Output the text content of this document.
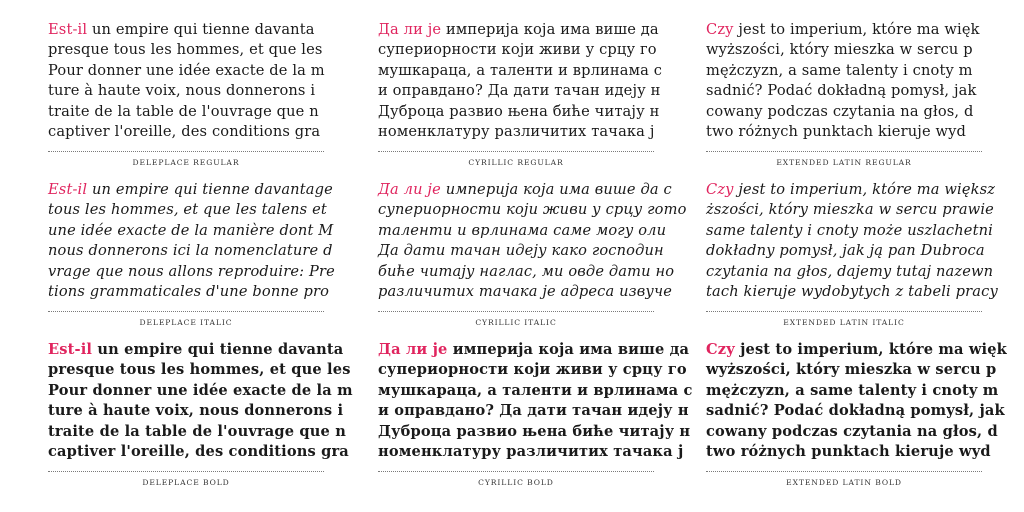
Est-il un empire qui tienne davanta
presque tous les hommes, et que les
Pour donner une idée exacte de la m
ture à haute voix, nous donnerons i
traite de la table de l'ouvrage que n
captiver l'oreille, des conditions gra
DELEPLACE REGULAR
Да ли је империја која има више да
супериорности који живи у срцу го
мушкараца, а таленти и врлинама с
и оправдано? Да дати тачан идеју н
Дуброца развио њена биће читају н
номенклатуру различитих тачака ј
CYRILLIC REGULAR
Czy jest to imperium, które ma więk
wyższości, który mieszka w sercu p
mężczyzn, a same talenty i cnoty m
sadnić? Podać dokładną pomysł, jak
cowany podczas czytania na głos, d
two różnych punktach kieruje wyd
EXTENDED LATIN REGULAR
Est-il un empire qui tienne davantage
tous les hommes, et que les talens et
une idée exacte de la manière dont M
nous donnerons ici la nomenclature d
vrage que nous allons reproduire: Pre
tions grammaticales d'une bonne pro
DELEPLACE ITALIC
Да ли је империја која има више да с
супериорности који живи у срцу гото
таленти и врлинама саме могу оли
Да дати тачан идеју како господин
биће читају наглас, ми овде дати но
различитих тачака је адреса извуче
CYRILLIC ITALIC
Czy jest to imperium, które ma większ
ższości, który mieszka w sercu prawie
same talenty i cnoty może uszlachetni
dokładny pomysł, jak ją pan Dubroca
czytania na głos, dajemy tutaj nazewn
tach kieruje wydobytych z tabeli pracy
EXTENDED LATIN ITALIC
Est-il un empire qui tienne davanta
presque tous les hommes, et que les
Pour donner une idée exacte de la m
ture à haute voix, nous donnerons i
traite de la table de l'ouvrage que n
captiver l'oreille, des conditions gra
DELEPLACE BOLD
Да ли је империја која има више да
супериорности који живи у срцу го
мушкараца, а таленти и врлинама с
и оправдано? Да дати тачан идеју н
Дуброца развио њена биће читају н
номенклатуру различитих тачака ј
CYRILLIC BOLD
Czy jest to imperium, które ma więk
wyższości, który mieszka w sercu p
mężczyzn, a same talenty i cnoty m
sadnić? Podać dokładną pomysł, jak
cowany podczas czytania na głos, d
two różnych punktach kieruje wyd
EXTENDED LATIN BOLD
